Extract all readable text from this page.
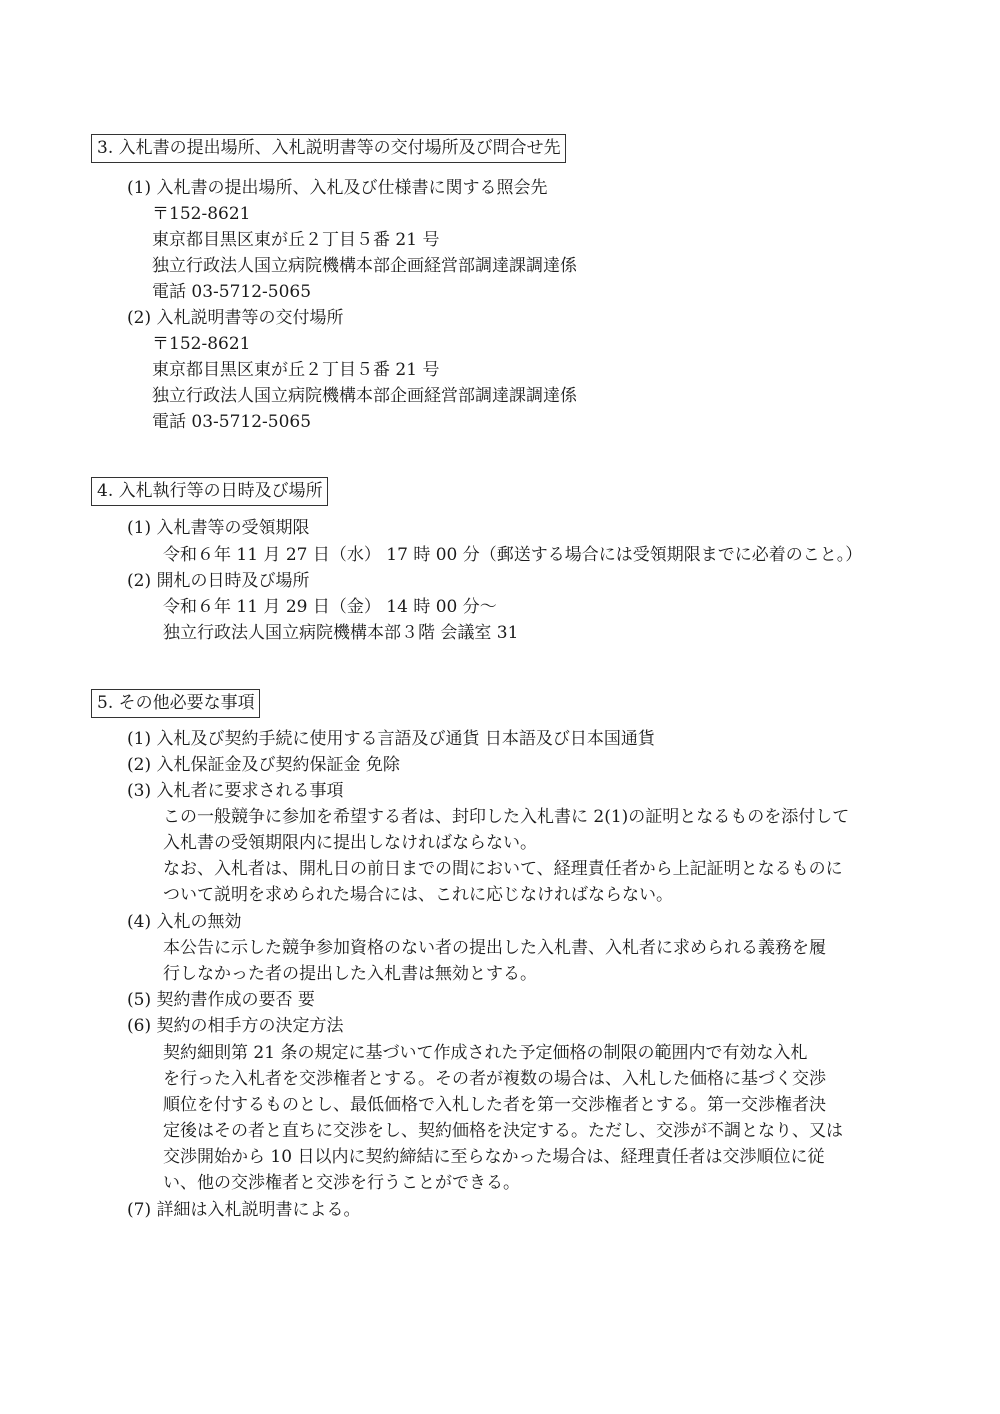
3. 入札書の提出場所、入札説明書等の交付場所及び問合せ先
(1) 入札書の提出場所、入札及び仕様書に関する照会先
〒152-8621
東京都目黒区東が丘２丁目５番 21 号
独立行政法人国立病院機構本部企画経営部調達課調達係
電話 03-5712-5065
(2) 入札説明書等の交付場所
〒152-8621
東京都目黒区東が丘２丁目５番 21 号
独立行政法人国立病院機構本部企画経営部調達課調達係
電話 03-5712-5065
4. 入札執行等の日時及び場所
(1) 入札書等の受領期限
令和６年 11 月 27 日（水） 17 時 00 分（郵送する場合には受領期限までに必着のこと。）
(2) 開札の日時及び場所
令和６年 11 月 29 日（金） 14 時 00 分～
独立行政法人国立病院機構本部３階 会議室 31
5. その他必要な事項
(1) 入札及び契約手続に使用する言語及び通貨 日本語及び日本国通貨
(2) 入札保証金及び契約保証金 免除
(3) 入札者に要求される事項
この一般競争に参加を希望する者は、封印した入札書に 2(1)の証明となるものを添付して
入札書の受領期限内に提出しなければならない。
なお、入札者は、開札日の前日までの間において、経理責任者から上記証明となるものに
ついて説明を求められた場合には、これに応じなければならない。
(4) 入札の無効
本公告に示した競争参加資格のない者の提出した入札書、入札者に求められる義務を履
行しなかった者の提出した入札書は無効とする。
(5) 契約書作成の要否 要
(6) 契約の相手方の決定方法
契約細則第 21 条の規定に基づいて作成された予定価格の制限の範囲内で有効な入札
を行った入札者を交渉権者とする。その者が複数の場合は、入札した価格に基づく交渉
順位を付するものとし、最低価格で入札した者を第一交渉権者とする。第一交渉権者決
定後はその者と直ちに交渉をし、契約価格を決定する。ただし、交渉が不調となり、又は
交渉開始から 10 日以内に契約締結に至らなかった場合は、経理責任者は交渉順位に従
い、他の交渉権者と交渉を行うことができる。
(7) 詳細は入札説明書による。
